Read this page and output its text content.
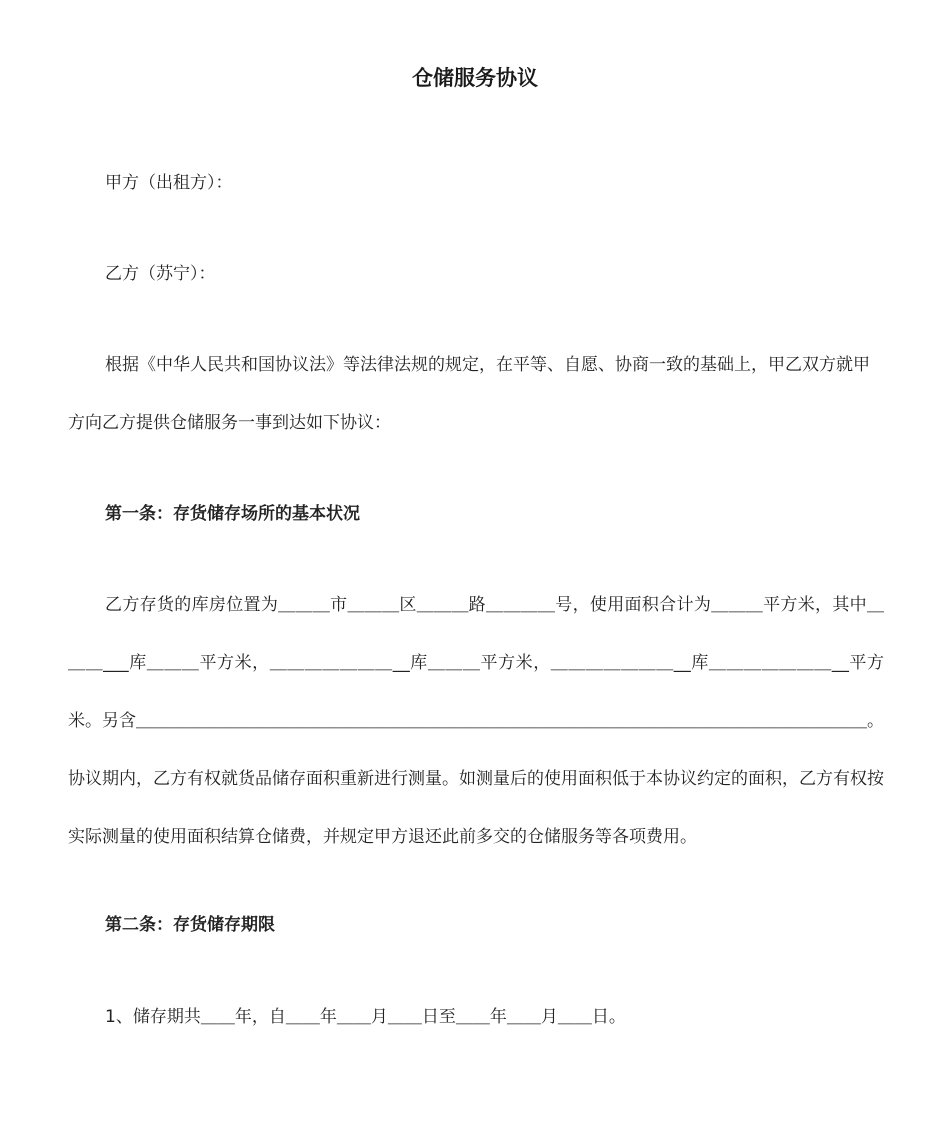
仓储服务协议
甲方（出租方）：
乙方（苏宁）：
根据《中华人民共和国协议法》等法律法规的规定，在平等、自愿、协商一致的基础上，甲乙双方就甲方向乙方提供仓储服务一事到达如下协议：
第一条：存货储存场所的基本状况
乙方存货的库房位置为＿＿＿市＿＿＿区＿＿＿路＿＿＿＿号，使用面积合计为＿＿＿平方米，其中＿＿＿___库＿＿＿平方米，＿＿＿＿＿＿＿__库＿＿＿平方米，＿＿＿＿＿＿＿__库＿＿＿＿＿＿＿__平方米。另含＿＿＿＿＿＿＿＿＿＿＿＿＿＿＿＿＿＿＿＿＿＿＿＿＿＿＿＿＿＿＿＿＿＿＿＿＿＿＿＿＿＿＿。协议期内，乙方有权就货品储存面积重新进行测量。如测量后的使用面积低于本协议约定的面积，乙方有权按实际测量的使用面积结算仓储费，并规定甲方退还此前多交的仓储服务等各项费用。
第二条：存货储存期限
1、储存期共＿＿年，自＿＿年＿＿月＿＿日至＿＿年＿＿月＿＿日。
